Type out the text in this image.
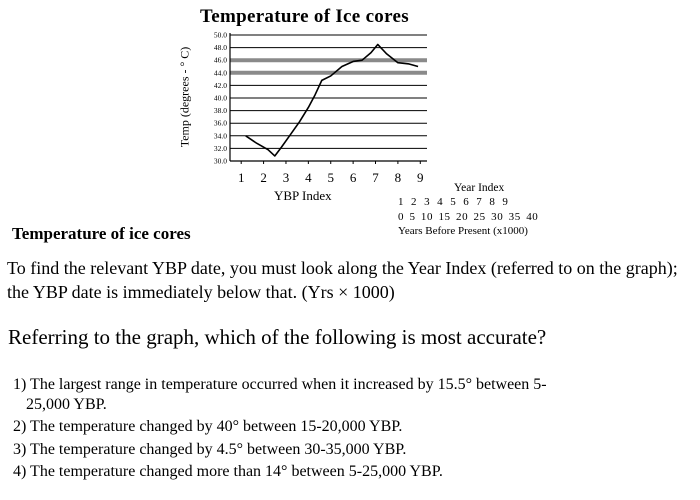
Temperature of Ice cores
30.0
32.0
34.0
36.0
38.0
40.0
42.0
44.0
46.0
48.0
50.0
1 2 3 4 5 6 7 8 9
Temp (degrees - ° C)
YBP Index	Year Index
1 2 3 4 5 6 7 8 9
0 5 10 15 20 25 30 35 40
Years Before Present (x1000)
Temperature of ice cores
To find the relevant YBP date, you must look along the Year Index (referred to on the graph); the YBP date is immediately below that. (Yrs × 1000)
Referring to the graph, which of the following is most accurate?
1) The largest range in temperature occurred when it increased by 15.5° between 5-
25,000 YBP.
2) The temperature changed by 40° between 15-20,000 YBP.
3) The temperature changed by 4.5° between 30-35,000 YBP.
4) The temperature changed more than 14° between 5-25,000 YBP.
